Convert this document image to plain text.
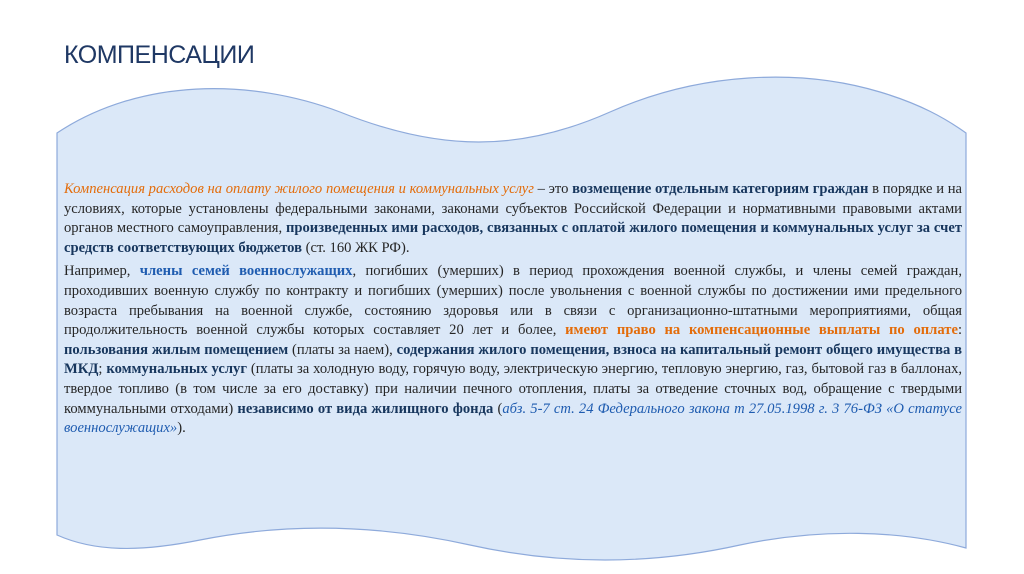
КОМПЕНСАЦИИ

Компенсация расходов на оплату жилого помещения и коммунальных услуг – это возмещение отдельным категориям граждан в порядке и на условиях, которые установлены федеральными законами, законами субъектов Российской Федерации и нормативными правовыми актами органов местного самоуправления, произведенных ими расходов, связанных с оплатой жилого помещения и коммунальных услуг за счет средств соответствующих бюджетов (ст. 160 ЖК РФ).

Например, члены семей военнослужащих, погибших (умерших) в период прохождения военной службы, и члены семей граждан, проходивших военную службу по контракту и погибших (умерших) после увольнения с военной службы по достижении ими предельного возраста пребывания на военной службе, состоянию здоровья или в связи с организационно-штатными мероприятиями, общая продолжительность военной службы которых составляет 20 лет и более, имеют право на компенсационные выплаты по оплате: пользования жилым помещением (платы за наем), содержания жилого помещения, взноса на капитальный ремонт общего имущества в МКД; коммунальных услуг (платы за холодную воду, горячую воду, электрическую энергию, тепловую энергию, газ, бытовой газ в баллонах, твердое топливо (в том числе за его доставку) при наличии печного отопления, платы за отведение сточных вод, обращение с твердыми коммунальными отходами) независимо от вида жилищного фонда (абз. 5-7 ст. 24 Федерального закона т 27.05.1998 г. 3 76-ФЗ «О статусе военнослужащих»).
